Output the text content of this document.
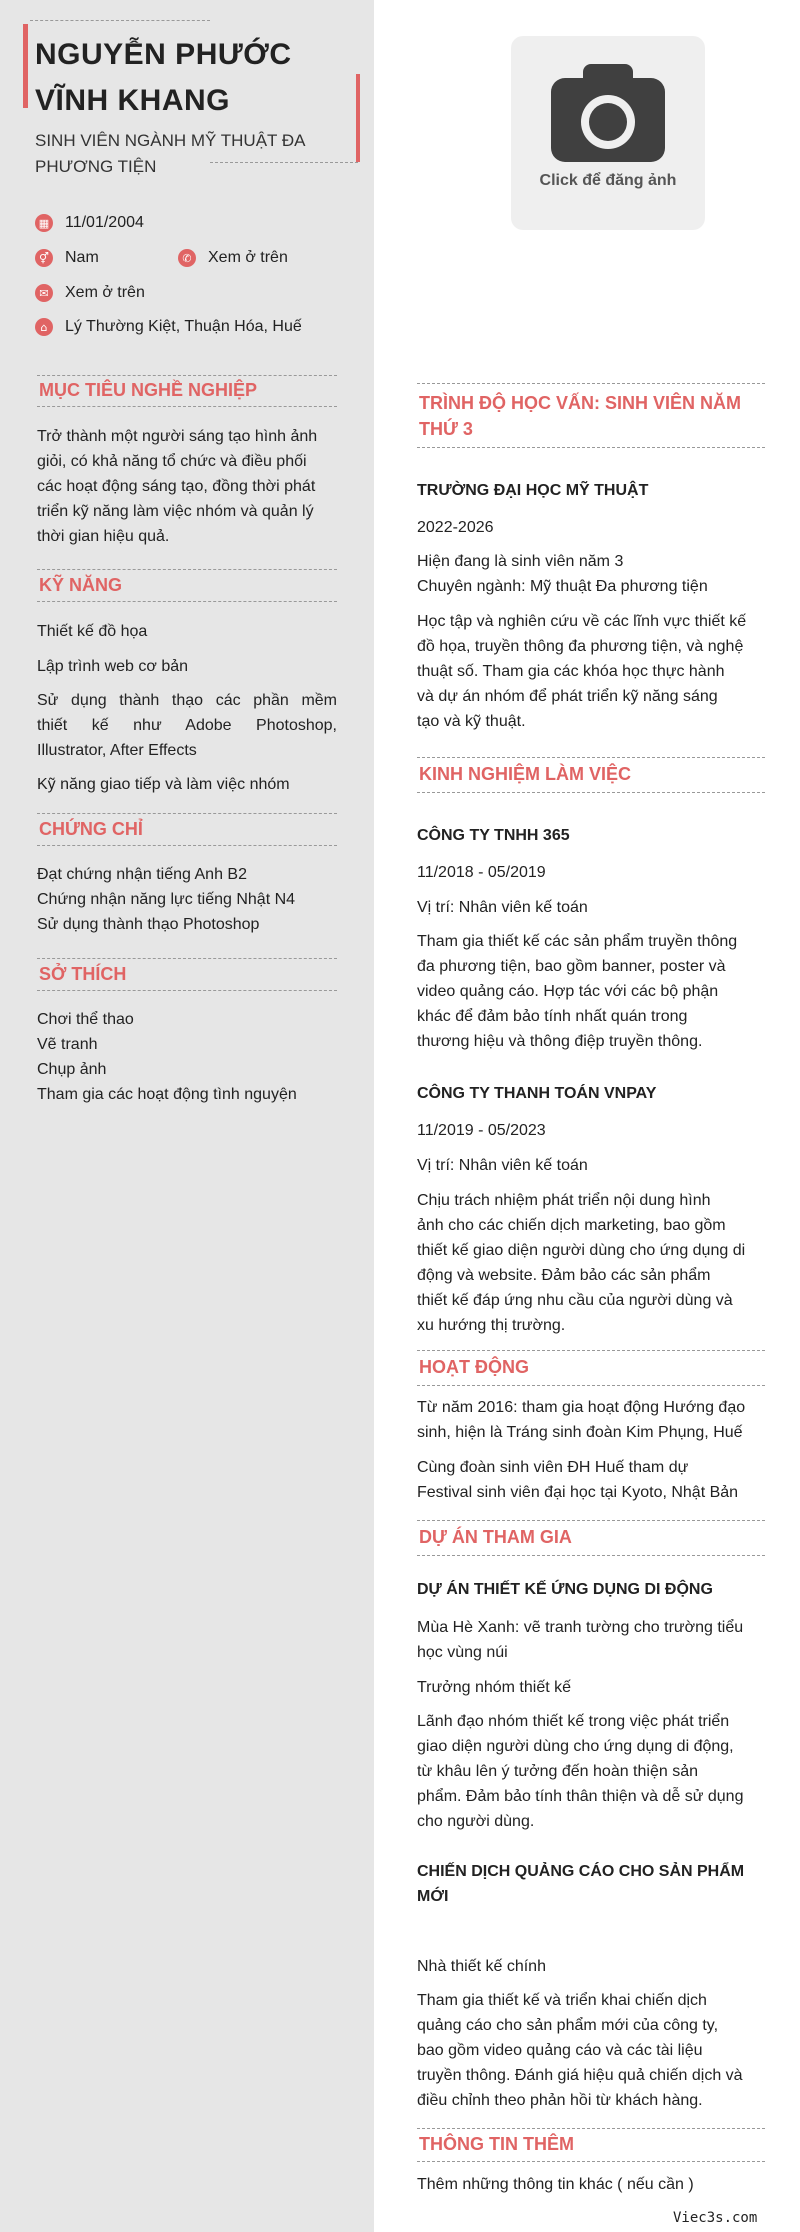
NGUYỄN PHƯỚC
VĨNH KHANG
SINH VIÊN NGÀNH MỸ THUẬT ĐA
PHƯƠNG TIỆN
▦ 11/01/2004
⚥ Nam	✆ Xem ở trên
✉ Xem ở trên
⌂	Lý Thường Kiệt, Thuận Hóa, Huế
MỤC TIÊU NGHỀ NGHIỆP
Trở thành một người sáng tạo hình ảnh
giỏi, có khả năng tổ chức và điều phối
các hoạt động sáng tạo, đồng thời phát
triển kỹ năng làm việc nhóm và quản lý
thời gian hiệu quả.
KỸ NĂNG
Thiết kế đồ họa
Lập trình web cơ bản
Sử dụng thành thạo các phần mềm
thiết kế như Adobe Photoshop,
Illustrator, After Effects
Kỹ năng giao tiếp và làm việc nhóm
CHỨNG CHỈ
Đạt chứng nhận tiếng Anh B2
Chứng nhận năng lực tiếng Nhật N4
Sử dụng thành thạo Photoshop
SỞ THÍCH
Chơi thể thao
Vẽ tranh
Chụp ảnh
Tham gia các hoạt động tình nguyện
Click để đăng ảnh
TRÌNH ĐỘ HỌC VẤN: SINH VIÊN NĂM
THỨ 3
TRƯỜNG ĐẠI HỌC MỸ THUẬT
2022-2026
Hiện đang là sinh viên năm 3
Chuyên ngành: Mỹ thuật Đa phương tiện
Học tập và nghiên cứu về các lĩnh vực thiết kế
đồ họa, truyền thông đa phương tiện, và nghệ
thuật số. Tham gia các khóa học thực hành
và dự án nhóm để phát triển kỹ năng sáng
tạo và kỹ thuật.
KINH NGHIỆM LÀM VIỆC
CÔNG TY TNHH 365
11/2018 - 05/2019
Vị trí: Nhân viên kế toán
Tham gia thiết kế các sản phẩm truyền thông
đa phương tiện, bao gồm banner, poster và
video quảng cáo. Hợp tác với các bộ phận
khác để đảm bảo tính nhất quán trong
thương hiệu và thông điệp truyền thông.
CÔNG TY THANH TOÁN VNPAY
11/2019 - 05/2023
Vị trí: Nhân viên kế toán
Chịu trách nhiệm phát triển nội dung hình
ảnh cho các chiến dịch marketing, bao gồm
thiết kế giao diện người dùng cho ứng dụng di
động và website. Đảm bảo các sản phẩm
thiết kế đáp ứng nhu cầu của người dùng và
xu hướng thị trường.
HOẠT ĐỘNG
Từ năm 2016: tham gia hoạt động Hướng đạo
sinh, hiện là Tráng sinh đoàn Kim Phụng, Huế
Cùng đoàn sinh viên ĐH Huế tham dự
Festival sinh viên đại học tại Kyoto, Nhật Bản
DỰ ÁN THAM GIA
DỰ ÁN THIẾT KẾ ỨNG DỤNG DI ĐỘNG
Mùa Hè Xanh: vẽ tranh tường cho trường tiểu
học vùng núi
Trưởng nhóm thiết kế
Lãnh đạo nhóm thiết kế trong việc phát triển
giao diện người dùng cho ứng dụng di động,
từ khâu lên ý tưởng đến hoàn thiện sản
phẩm. Đảm bảo tính thân thiện và dễ sử dụng
cho người dùng.
CHIẾN DỊCH QUẢNG CÁO CHO SẢN PHẨM
MỚI
Nhà thiết kế chính
Tham gia thiết kế và triển khai chiến dịch
quảng cáo cho sản phẩm mới của công ty,
bao gồm video quảng cáo và các tài liệu
truyền thông. Đánh giá hiệu quả chiến dịch và
điều chỉnh theo phản hồi từ khách hàng.
THÔNG TIN THÊM
Thêm những thông tin khác ( nếu cần )
Viec3s.com
